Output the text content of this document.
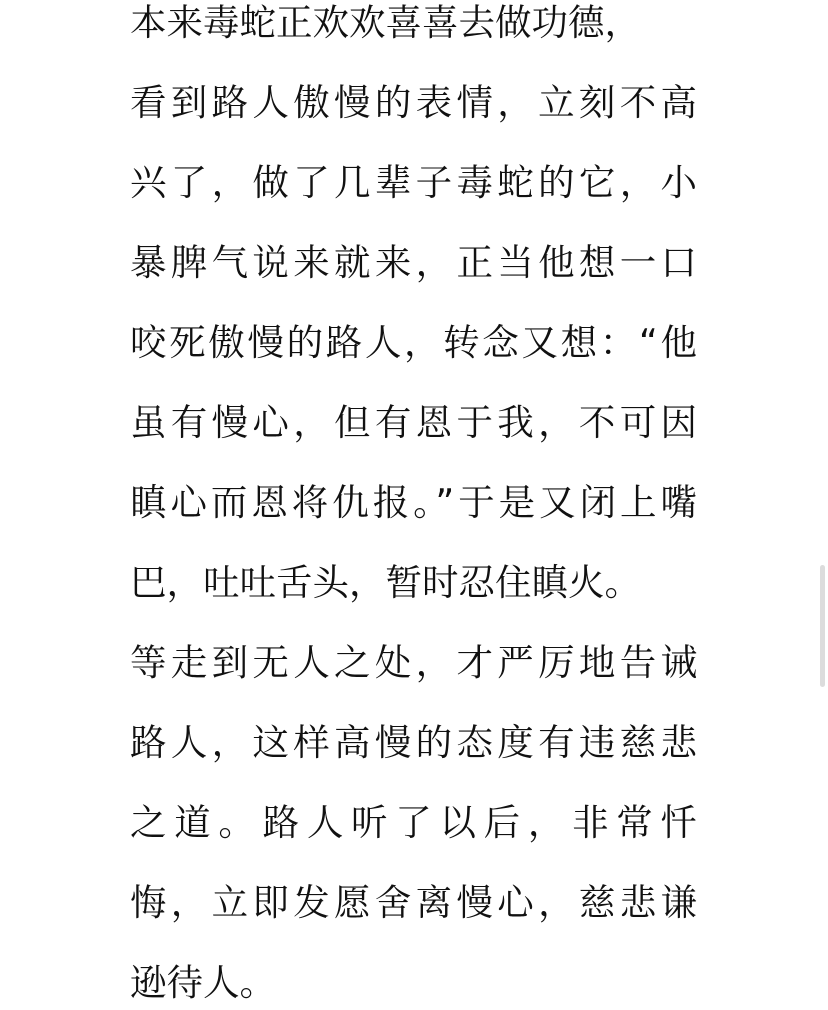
本来毒蛇正欢欢喜喜去做功德，
看到路人傲慢的表情，立刻不高
兴了，做了几辈子毒蛇的它，小
暴脾气说来就来，正当他想一口
咬死傲慢的路人，转念又想：“他
虽有慢心，但有恩于我，不可因
瞋心而恩将仇报。”于是又闭上嘴
巴，吐吐舌头，暂时忍住瞋火。
等走到无人之处，才严厉地告诫
路人，这样高慢的态度有违慈悲
之道。路人听了以后，非常忏
悔，立即发愿舍离慢心，慈悲谦
逊待人。
